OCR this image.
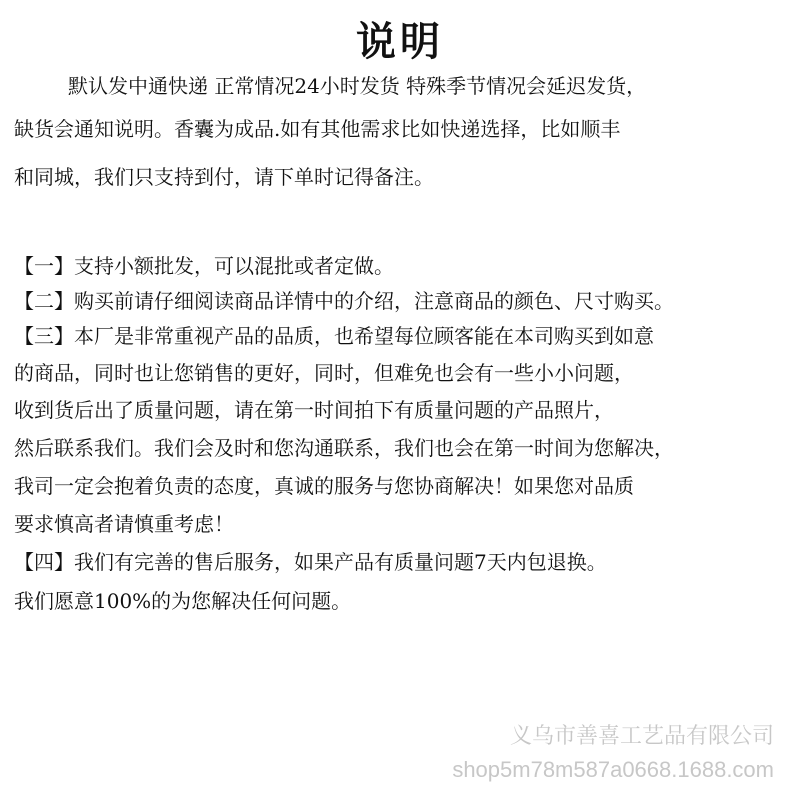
说明
默认发中通快递 正常情况24小时发货 特殊季节情况会延迟发货，
缺货会通知说明。香囊为成品.如有其他需求比如快递选择，比如顺丰
和同城，我们只支持到付，请下单时记得备注。
【一】支持小额批发，可以混批或者定做。
【二】购买前请仔细阅读商品详情中的介绍，注意商品的颜色、尺寸购买。
【三】本厂是非常重视产品的品质，也希望每位顾客能在本司购买到如意
的商品，同时也让您销售的更好，同时，但难免也会有一些小小问题，
收到货后出了质量问题，请在第一时间拍下有质量问题的产品照片，
然后联系我们。我们会及时和您沟通联系，我们也会在第一时间为您解决，
我司一定会抱着负责的态度，真诚的服务与您协商解决！如果您对品质
要求慎高者请慎重考虑！
【四】我们有完善的售后服务，如果产品有质量问题7天内包退换。
我们愿意100%的为您解决任何问题。
义乌市善喜工艺品有限公司
shop5m78m587a0668.1688.com
